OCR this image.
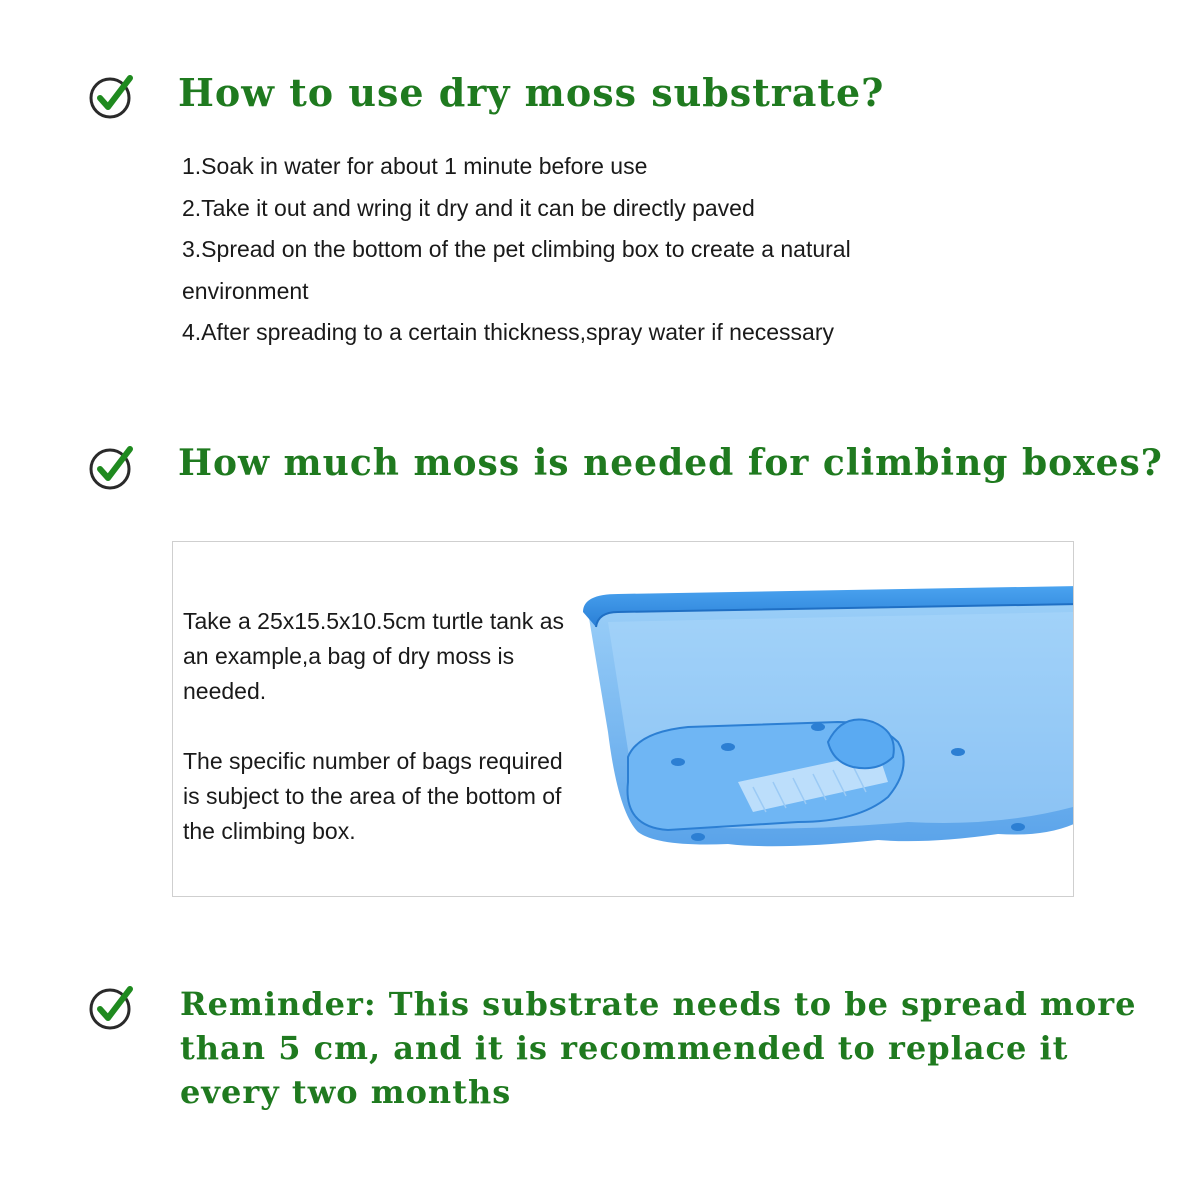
How to use dry moss substrate?
1.Soak in water for about 1 minute before use
2.Take it out and wring it dry and it can be directly paved
3.Spread on the bottom of the pet climbing box to create a natural environment
4.After spreading to a certain thickness,spray water if necessary
How much moss is needed for climbing boxes?

Take a 25x15.5x10.5cm turtle tank as an example,a bag of dry moss is needed.

The specific number of bags required is subject to the area of the bottom of the climbing box.

Reminder: This substrate needs to be spread more than 5 cm, and it is recommended to replace it every two months
